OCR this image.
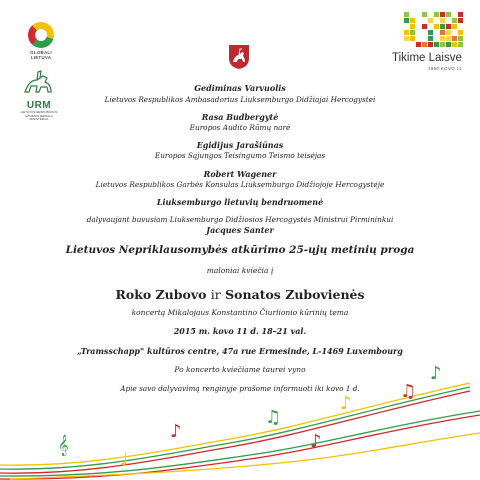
GLOBALI LIETUVA
URM
LIETUVOS RESPUBLIKOS
UŽSIENIO REIKALŲ
MINISTERIJA
Tikime Laisve
1990 KOVO 11
Gediminas Varvuolis
Lietuvos Respublikos Ambasadorius Liuksemburgo Didžiajai Hercogystei
Rasa Budbergytė
Europos Audito Rūmų narė
Egidijus Jarašiūnas
Europos Sąjungos Teisingumo Teismo teisėjas
Robert Wagener
Lietuvos Respublikos Garbės Konsulas Liuksemburgo Didžiojoje Hercogystėje
Liuksemburgo lietuvių bendruomenė
dalyvaujant buvusiam Liuksemburgo Didžiosios Hercogystės Ministrui Pirmininkui
Jacques Santer
Lietuvos Nepriklausomybės atkūrimo 25-ųjų metinių proga
maloniai kviečia į
Roko Zubovo ir Sonatos Zubovienės
koncertą Mikalojaus Konstantino Čiurlionio kūrinių tema
2015 m. kovo 11 d. 18–21 val.
„Tramsschapp" kultūros centre, 47a rue Ermesinde, L-1469 Luxembourg
Po koncerto kviečiame taurei vyno
Apie savo dalyvavimą renginyje prašome informuoti iki kovo 1 d.
𝄞
♪
♫
♪
♫
♪
♩
♪
